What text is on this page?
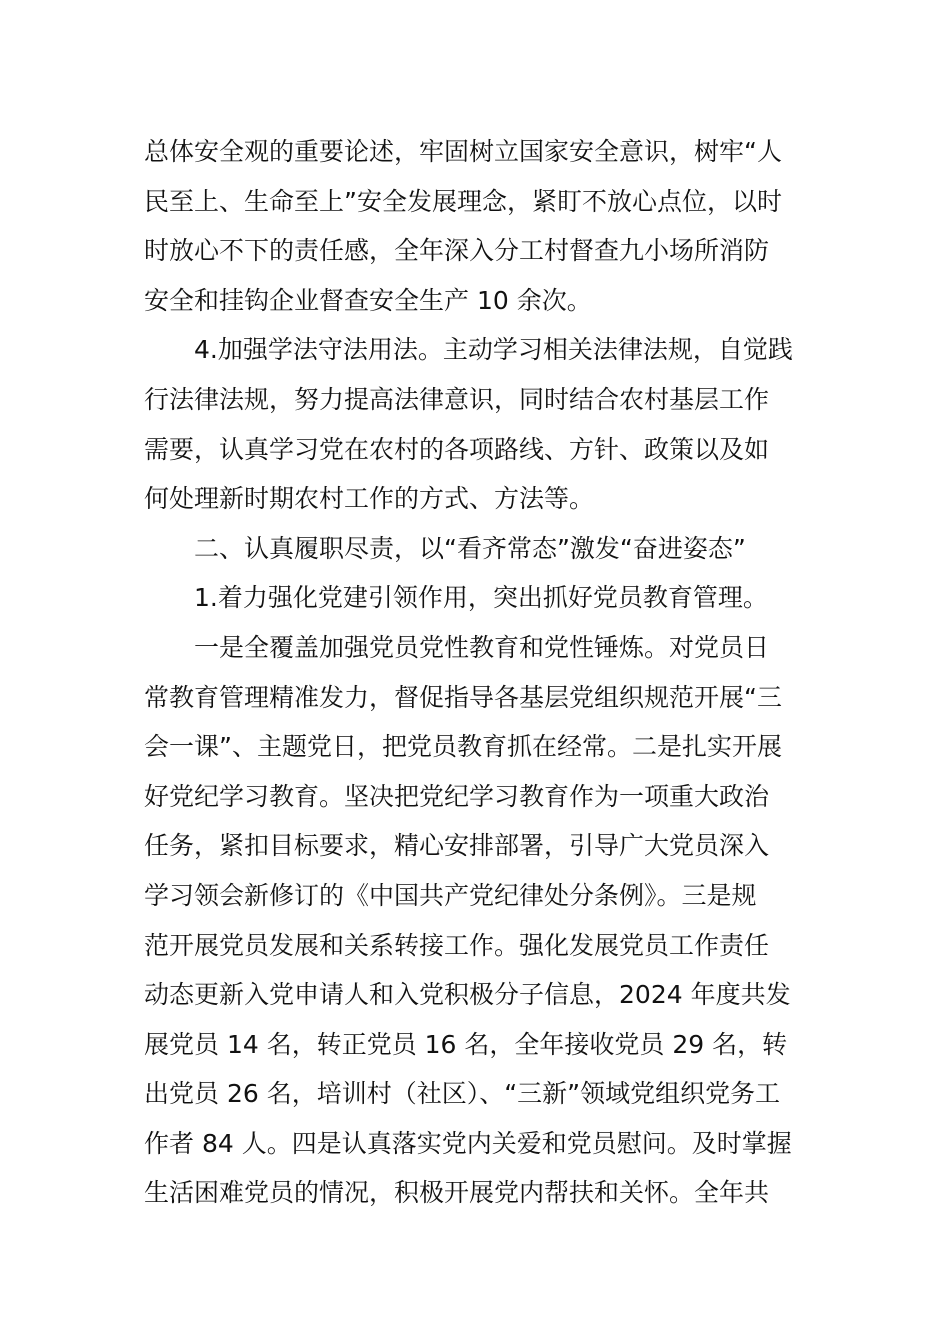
总体安全观的重要论述，牢固树立国家安全意识，树牢“人
民至上、生命至上”安全发展理念，紧盯不放心点位，以时
时放心不下的责任感，全年深入分工村督查九小场所消防
安全和挂钩企业督查安全生产 10 余次。

4.加强学法守法用法。主动学习相关法律法规，自觉践
行法律法规，努力提高法律意识，同时结合农村基层工作
需要，认真学习党在农村的各项路线、方针、政策以及如
何处理新时期农村工作的方式、方法等。

二、认真履职尽责，以“看齐常态”激发“奋进姿态”

1.着力强化党建引领作用，突出抓好党员教育管理。

一是全覆盖加强党员党性教育和党性锤炼。对党员日
常教育管理精准发力，督促指导各基层党组织规范开展“三
会一课”、主题党日，把党员教育抓在经常。二是扎实开展
好党纪学习教育。坚决把党纪学习教育作为一项重大政治
任务，紧扣目标要求，精心安排部署，引导广大党员深入
学习领会新修订的《中国共产党纪律处分条例》。三是规
范开展党员发展和关系转接工作。强化发展党员工作责任
动态更新入党申请人和入党积极分子信息，2024 年度共发
展党员 14 名，转正党员 16 名，全年接收党员 29 名，转
出党员 26 名，培训村（社区）、“三新”领域党组织党务工
作者 84 人。四是认真落实党内关爱和党员慰问。及时掌握
生活困难党员的情况，积极开展党内帮扶和关怀。全年共
